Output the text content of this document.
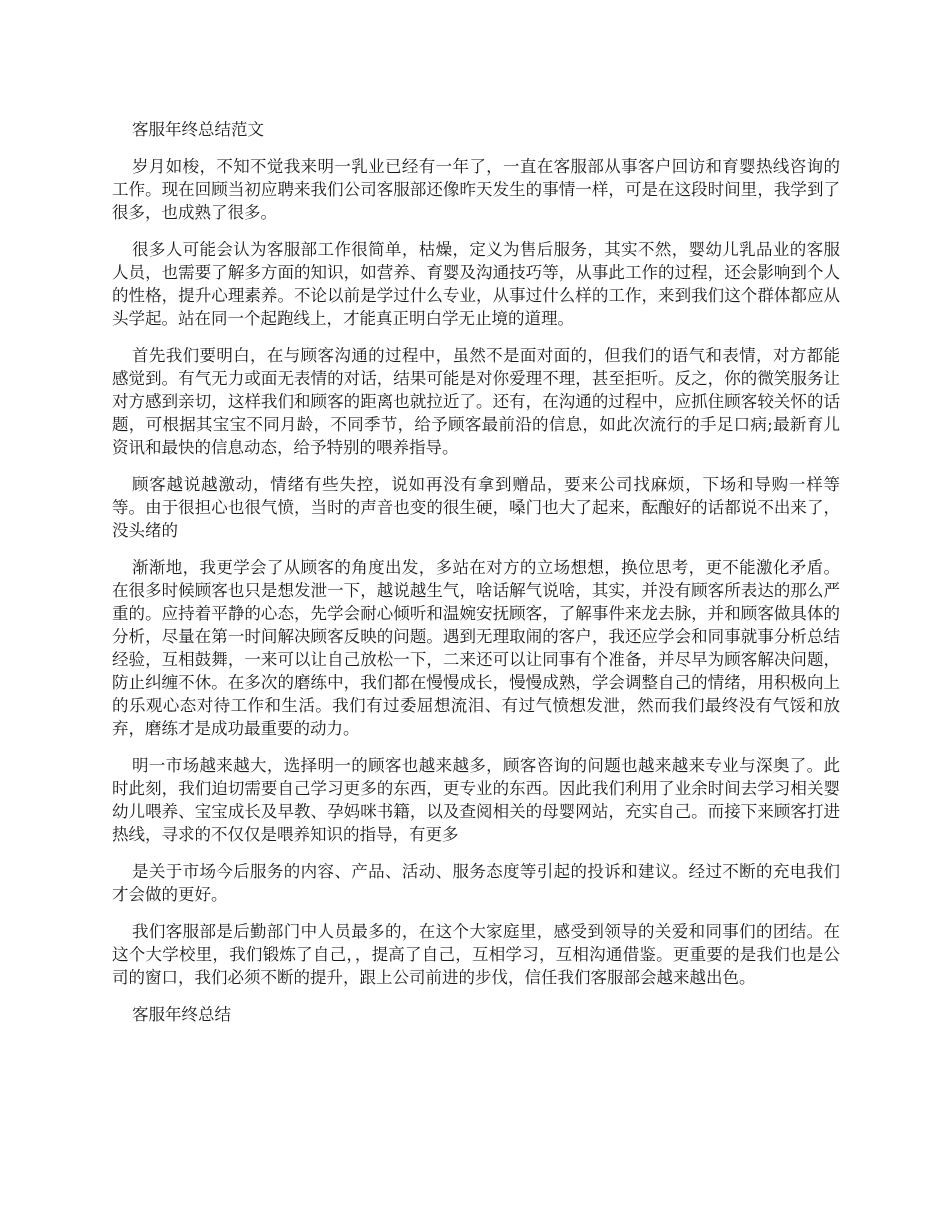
客服年终总结范文

岁月如梭，不知不觉我来明一乳业已经有一年了，一直在客服部从事客户回访和育婴热线咨询的工作。现在回顾当初应聘来我们公司客服部还像昨天发生的事情一样，可是在这段时间里，我学到了很多，也成熟了很多。

很多人可能会认为客服部工作很简单，枯燥，定义为售后服务，其实不然，婴幼儿乳品业的客服人员，也需要了解多方面的知识，如营养、育婴及沟通技巧等，从事此工作的过程，还会影响到个人的性格，提升心理素养。不论以前是学过什么专业，从事过什么样的工作，来到我们这个群体都应从头学起。站在同一个起跑线上，才能真正明白学无止境的道理。

首先我们要明白，在与顾客沟通的过程中，虽然不是面对面的，但我们的语气和表情，对方都能感觉到。有气无力或面无表情的对话，结果可能是对你爱理不理，甚至拒听。反之，你的微笑服务让对方感到亲切，这样我们和顾客的距离也就拉近了。还有，在沟通的过程中，应抓住顾客较关怀的话题，可根据其宝宝不同月龄，不同季节，给予顾客最前沿的信息，如此次流行的手足口病;最新育儿资讯和最快的信息动态，给予特别的喂养指导。

顾客越说越激动，情绪有些失控，说如再没有拿到赠品，要来公司找麻烦，下场和导购一样等等。由于很担心也很气愤，当时的声音也变的很生硬，嗓门也大了起来，酝酿好的话都说不出来了，没头绪的

渐渐地，我更学会了从顾客的角度出发，多站在对方的立场想想，换位思考，更不能激化矛盾。在很多时候顾客也只是想发泄一下，越说越生气，啥话解气说啥，其实，并没有顾客所表达的那么严重的。应持着平静的心态，先学会耐心倾听和温婉安抚顾客，了解事件来龙去脉，并和顾客做具体的分析，尽量在第一时间解决顾客反映的问题。遇到无理取闹的客户，我还应学会和同事就事分析总结经验，互相鼓舞，一来可以让自己放松一下，二来还可以让同事有个准备，并尽早为顾客解决问题，防止纠缠不休。在多次的磨练中，我们都在慢慢成长，慢慢成熟，学会调整自己的情绪，用积极向上的乐观心态对待工作和生活。我们有过委屈想流泪、有过气愤想发泄，然而我们最终没有气馁和放弃，磨练才是成功最重要的动力。

明一市场越来越大，选择明一的顾客也越来越多，顾客咨询的问题也越来越来专业与深奥了。此时此刻，我们迫切需要自己学习更多的东西，更专业的东西。因此我们利用了业余时间去学习相关婴幼儿喂养、宝宝成长及早教、孕妈咪书籍，以及查阅相关的母婴网站，充实自己。而接下来顾客打进热线，寻求的不仅仅是喂养知识的指导，有更多

是关于市场今后服务的内容、产品、活动、服务态度等引起的投诉和建议。经过不断的充电我们才会做的更好。

我们客服部是后勤部门中人员最多的，在这个大家庭里，感受到领导的关爱和同事们的团结。在这个大学校里，我们锻炼了自己，，提高了自己，互相学习，互相沟通借鉴。更重要的是我们也是公司的窗口，我们必须不断的提升，跟上公司前进的步伐，信任我们客服部会越来越出色。

客服年终总结
